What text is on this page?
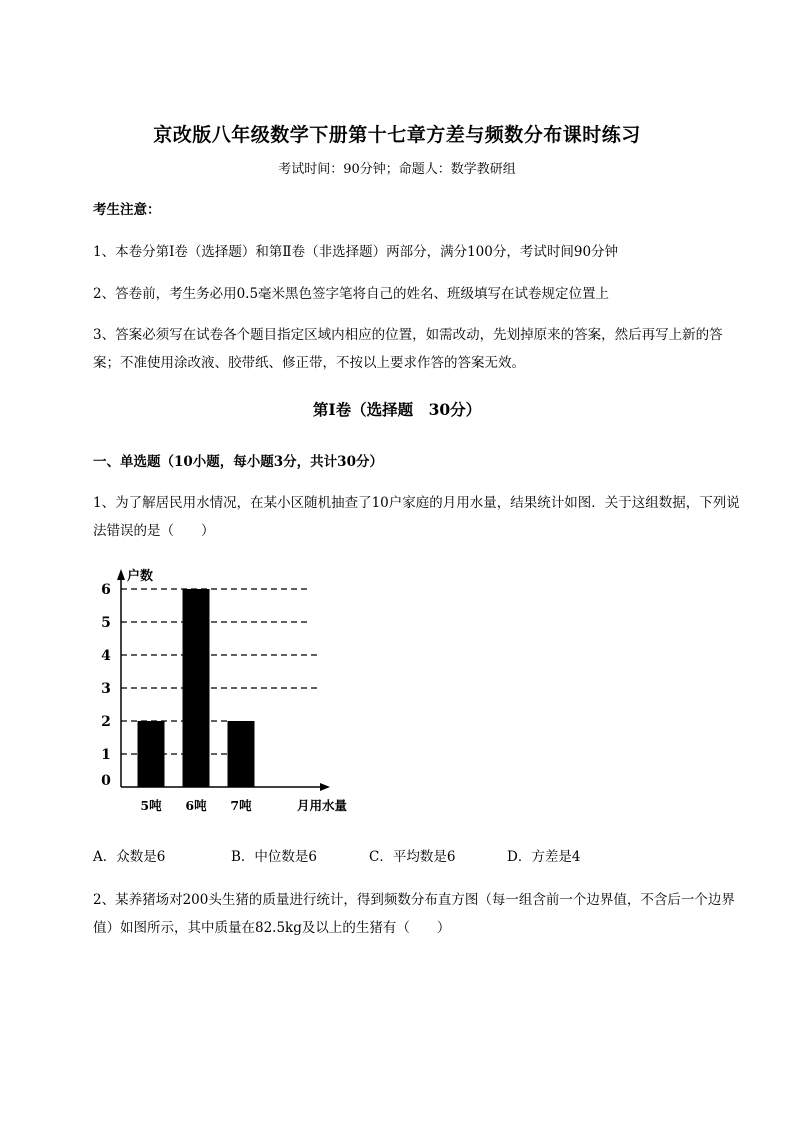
京改版八年级数学下册第十七章方差与频数分布课时练习
考试时间：90分钟；命题人：数学教研组
考生注意：
1、本卷分第I卷（选择题）和第Ⅱ卷（非选择题）两部分，满分100分，考试时间90分钟
2、答卷前，考生务必用0.5毫米黑色签字笔将自己的姓名、班级填写在试卷规定位置上
3、答案必须写在试卷各个题目指定区域内相应的位置，如需改动，先划掉原来的答案，然后再写上新的答案；不准使用涂改液、胶带纸、修正带，不按以上要求作答的答案无效。
第I卷（选择题　30分）
一、单选题（10小题，每小题3分，共计30分）
1、为了解居民用水情况，在某小区随机抽查了10户家庭的月用水量，结果统计如图．关于这组数据，下列说法错误的是（　　）
0
1
2
3
4
5
6
户数
5吨 6吨 7吨	月用水量
A．众数是6	B．中位数是6	C．平均数是6	D．方差是4
2、某养猪场对200头生猪的质量进行统计，得到频数分布直方图（每一组含前一个边界值，不含后一个边界值）如图所示，其中质量在82.5kg及以上的生猪有（　　）
